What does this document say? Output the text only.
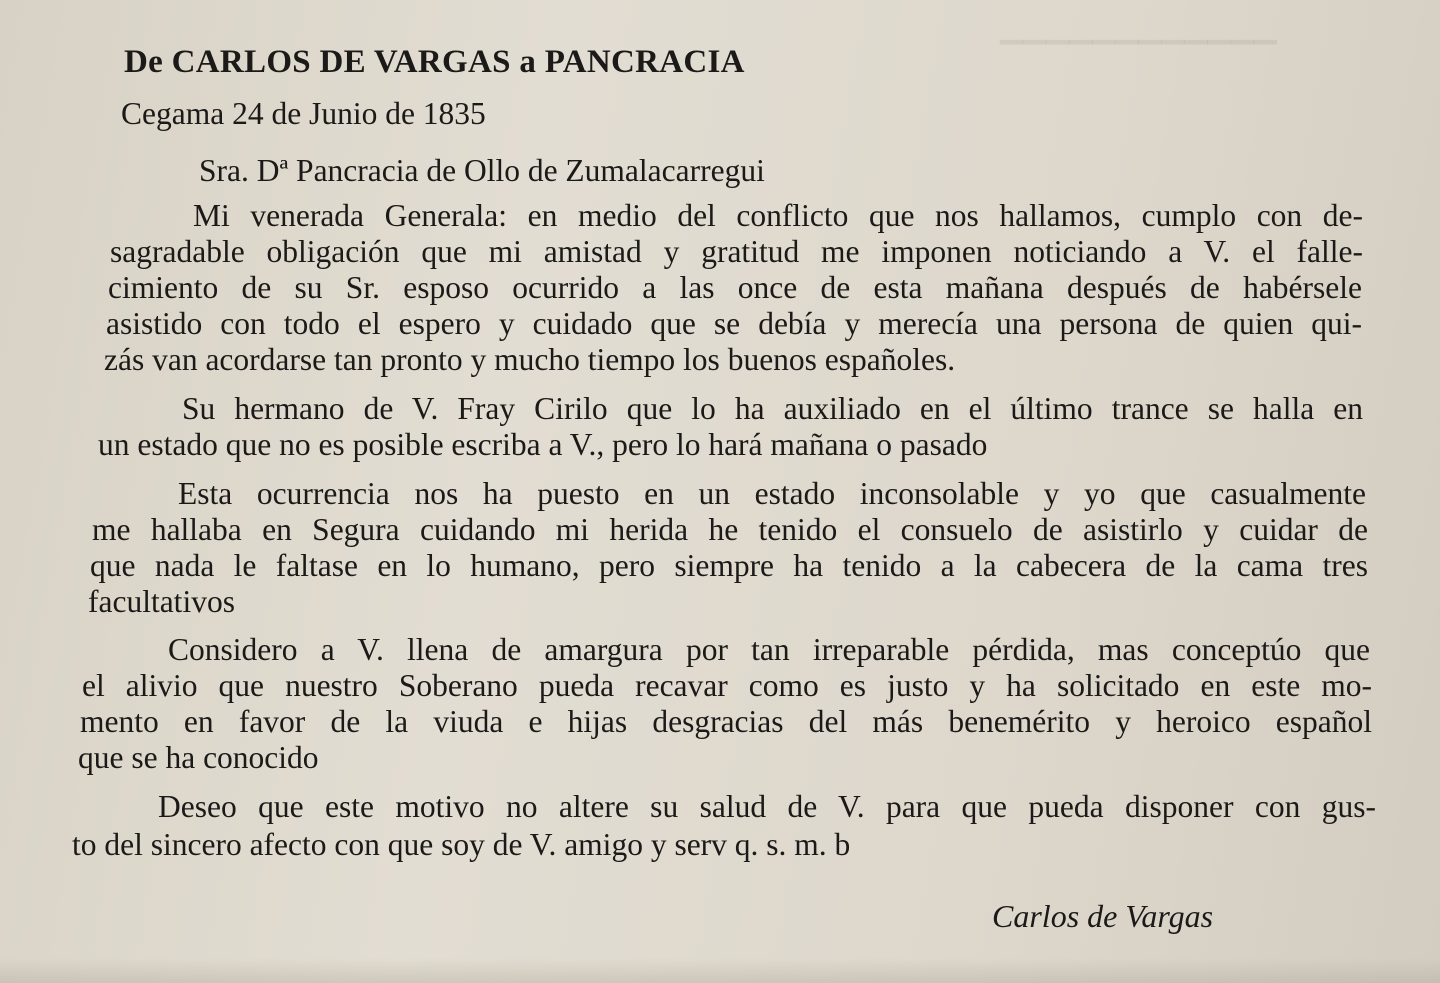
▁▁▁▁▁▁▁▁▁▁▁▁
De CARLOS DE VARGAS a PANCRACIA
Cegama 24 de Junio de 1835
Sra. Dª Pancracia de Ollo de Zumalacarregui
Mi venerada Generala: en medio del conflicto que nos hallamos, cumplo con de-
sagradable obligación que mi amistad y gratitud me imponen noticiando a V. el falle-
cimiento de su Sr. esposo ocurrido a las once de esta mañana después de habérsele
asistido con todo el espero y cuidado que se debía y merecía una persona de quien qui-
zás van acordarse tan pronto y mucho tiempo los buenos españoles.
Su hermano de V. Fray Cirilo que lo ha auxiliado en el último trance se halla en
un estado que no es posible escriba a V., pero lo hará mañana o pasado
Esta ocurrencia nos ha puesto en un estado inconsolable y yo que casualmente
me hallaba en Segura cuidando mi herida he tenido el consuelo de asistirlo y cuidar de
que nada le faltase en lo humano, pero siempre ha tenido a la cabecera de la cama tres
facultativos
Considero a V. llena de amargura por tan irreparable pérdida, mas conceptúo que
el alivio que nuestro Soberano pueda recavar como es justo y ha solicitado en este mo-
mento en favor de la viuda e hijas desgracias del más benemérito y heroico español
que se ha conocido
Deseo que este motivo no altere su salud de V. para que pueda disponer con gus-
to del sincero afecto con que soy de V. amigo y serv q. s. m. b
Carlos de Vargas
